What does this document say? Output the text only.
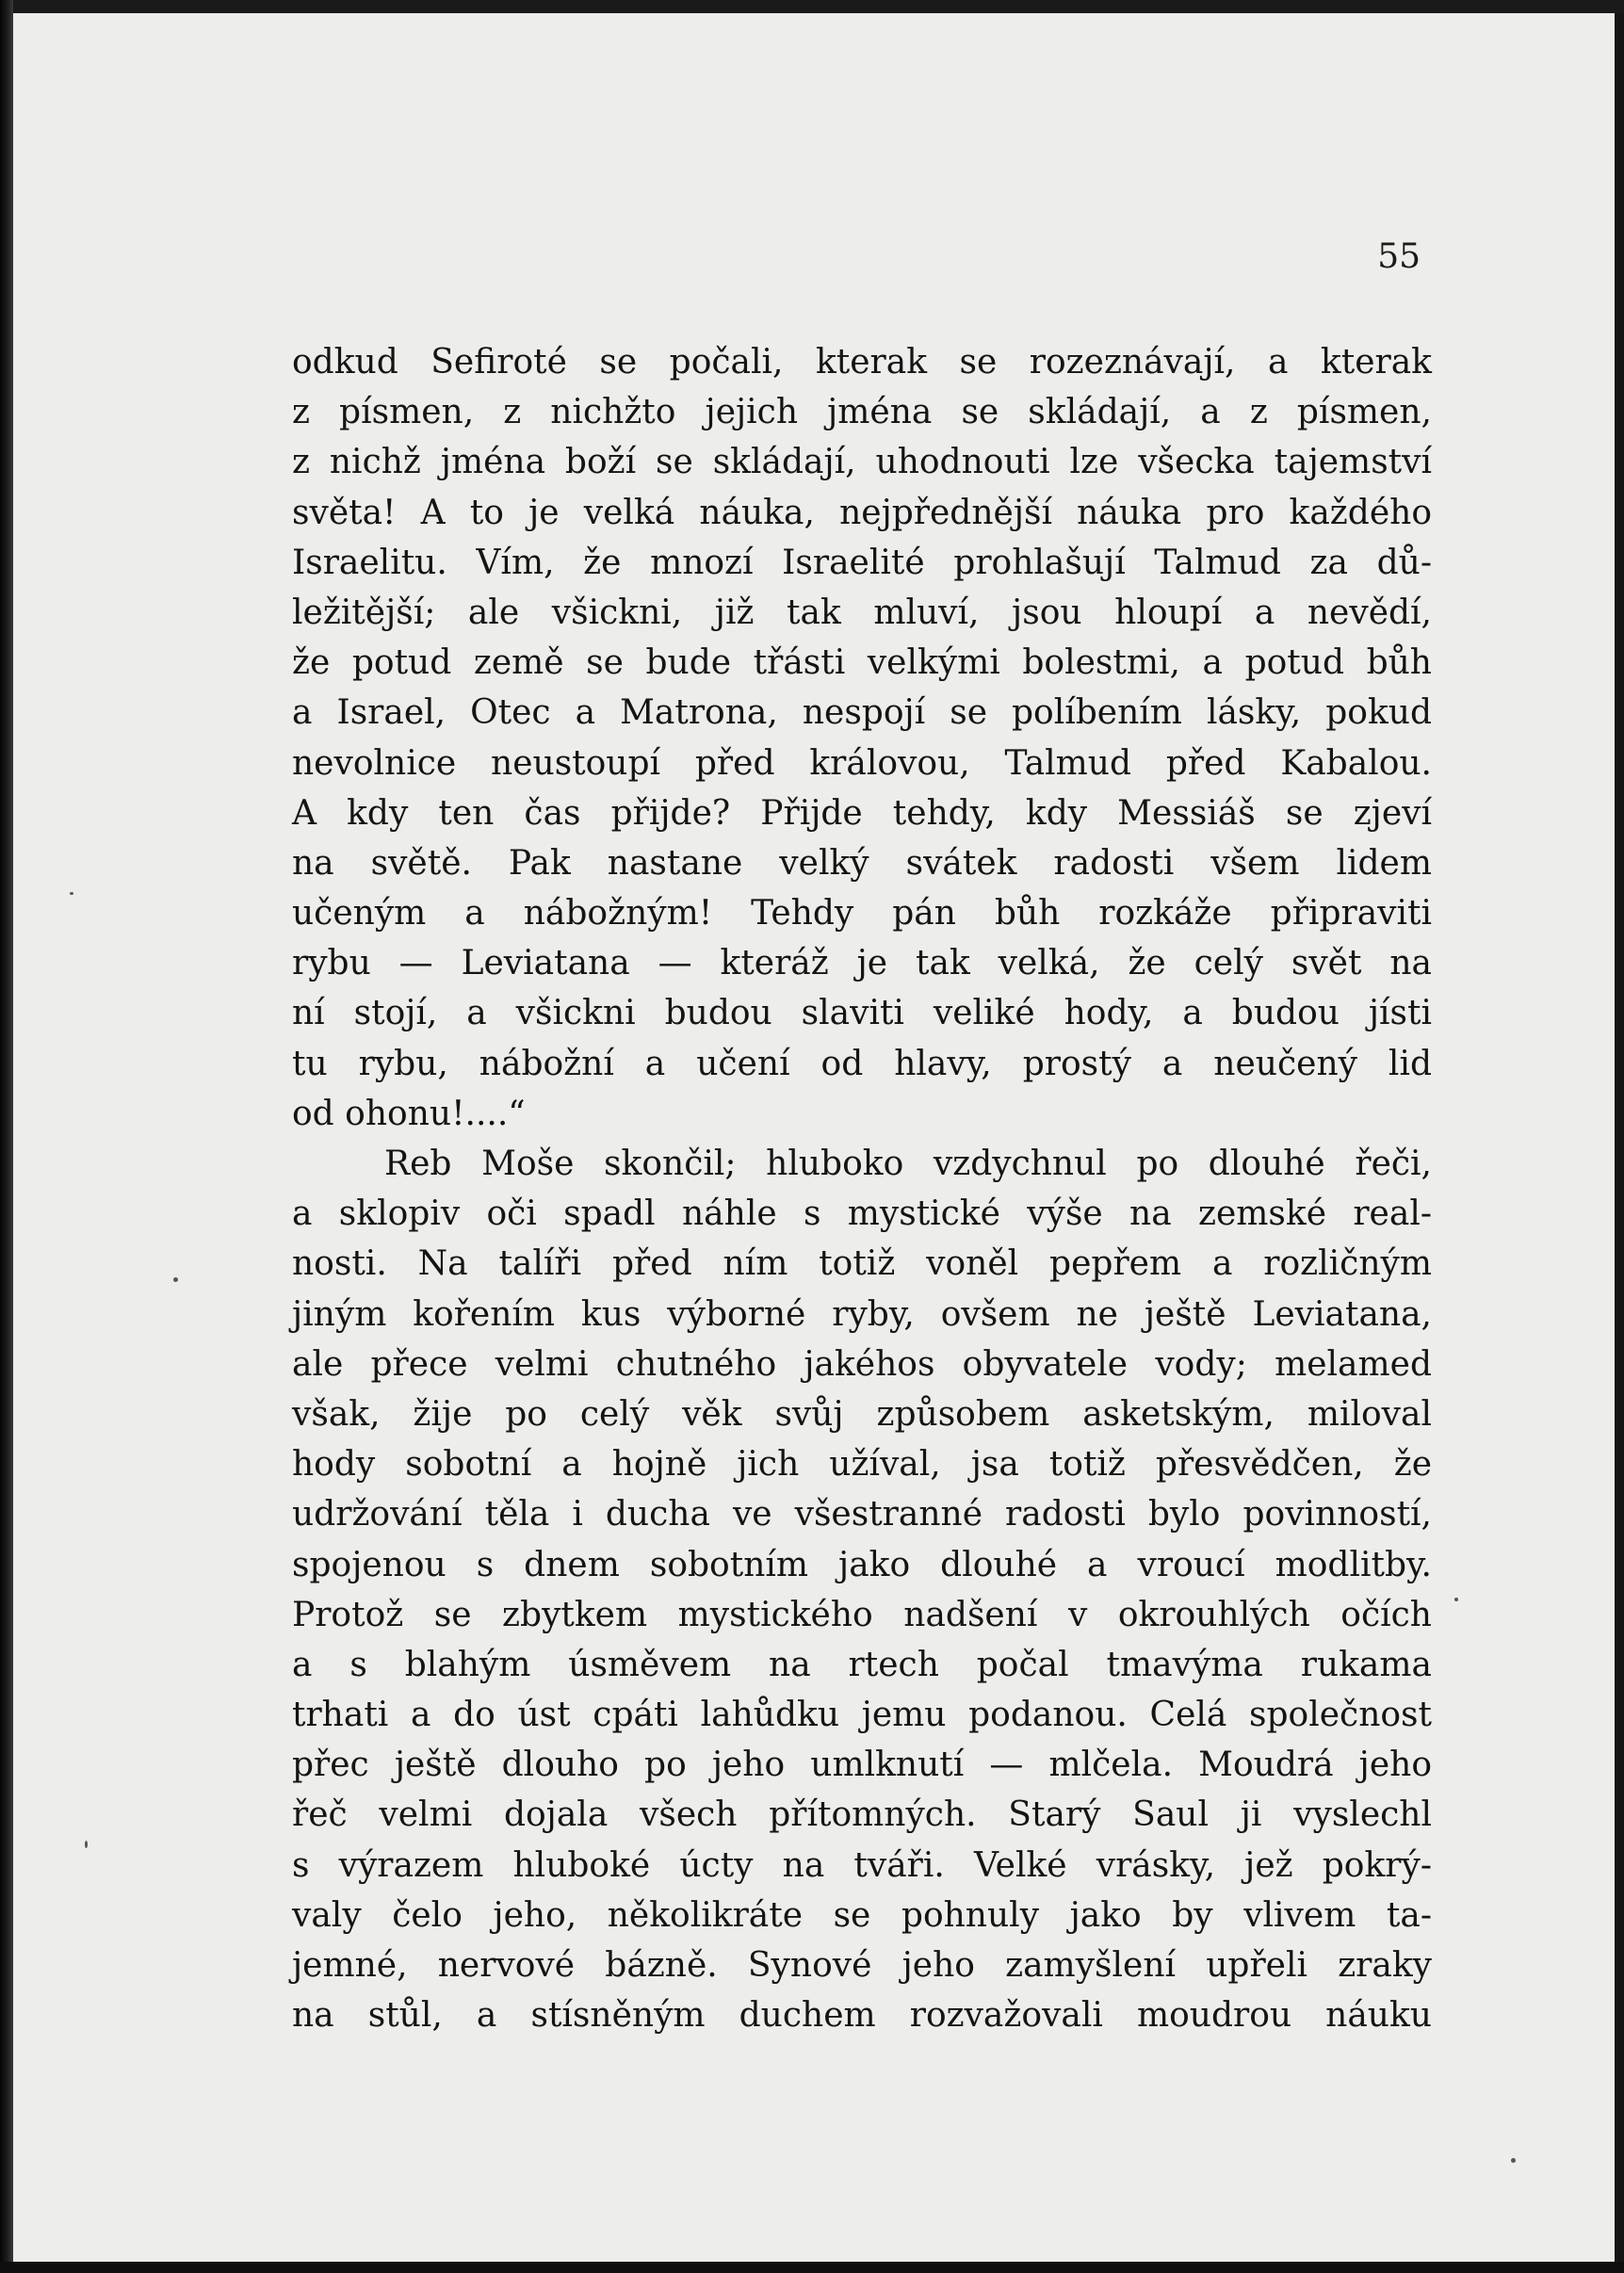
55

odkud Sefiroté se počali, kterak se rozeznávají, a kterak
z písmen, z nichžto jejich jména se skládají, a z písmen,
z nichž jména boží se skládají, uhodnouti lze všecka tajemství
světa! A to je velká náuka, nejpřednější náuka pro každého
Israelitu. Vím, že mnozí Israelité prohlašují Talmud za dů-
ležitější; ale všickni, již tak mluví, jsou hloupí a nevědí,
že potud země se bude třásti velkými bolestmi, a potud bůh
a Israel, Otec a Matrona, nespojí se políbením lásky, pokud
nevolnice neustoupí před královou, Talmud před Kabalou.
A kdy ten čas přijde? Přijde tehdy, kdy Messiáš se zjeví
na světě. Pak nastane velký svátek radosti všem lidem
učeným a nábožným! Tehdy pán bůh rozkáže připraviti
rybu — Leviatana — kteráž je tak velká, že celý svět na
ní stojí, a všickni budou slaviti veliké hody, a budou jísti
tu rybu, nábožní a učení od hlavy, prostý a neučený lid
od ohonu!....“
Reb Moše skončil; hluboko vzdychnul po dlouhé řeči,
a sklopiv oči spadl náhle s mystické výše na zemské real-
nosti. Na talíři před ním totiž voněl pepřem a rozličným
jiným kořením kus výborné ryby, ovšem ne ještě Leviatana,
ale přece velmi chutného jakéhos obyvatele vody; melamed
však, žije po celý věk svůj způsobem asketským, miloval
hody sobotní a hojně jich užíval, jsa totiž přesvědčen, že
udržování těla i ducha ve všestranné radosti bylo povinností,
spojenou s dnem sobotním jako dlouhé a vroucí modlitby.
Protož se zbytkem mystického nadšení v okrouhlých očích
a s blahým úsměvem na rtech počal tmavýma rukama
trhati a do úst cpáti lahůdku jemu podanou. Celá společnost
přec ještě dlouho po jeho umlknutí — mlčela. Moudrá jeho
řeč velmi dojala všech přítomných. Starý Saul ji vyslechl
s výrazem hluboké úcty na tváři. Velké vrásky, jež pokrý-
valy čelo jeho, několikráte se pohnuly jako by vlivem ta-
jemné, nervové bázně. Synové jeho zamyšlení upřeli zraky
na stůl, a stísněným duchem rozvažovali moudrou náuku
